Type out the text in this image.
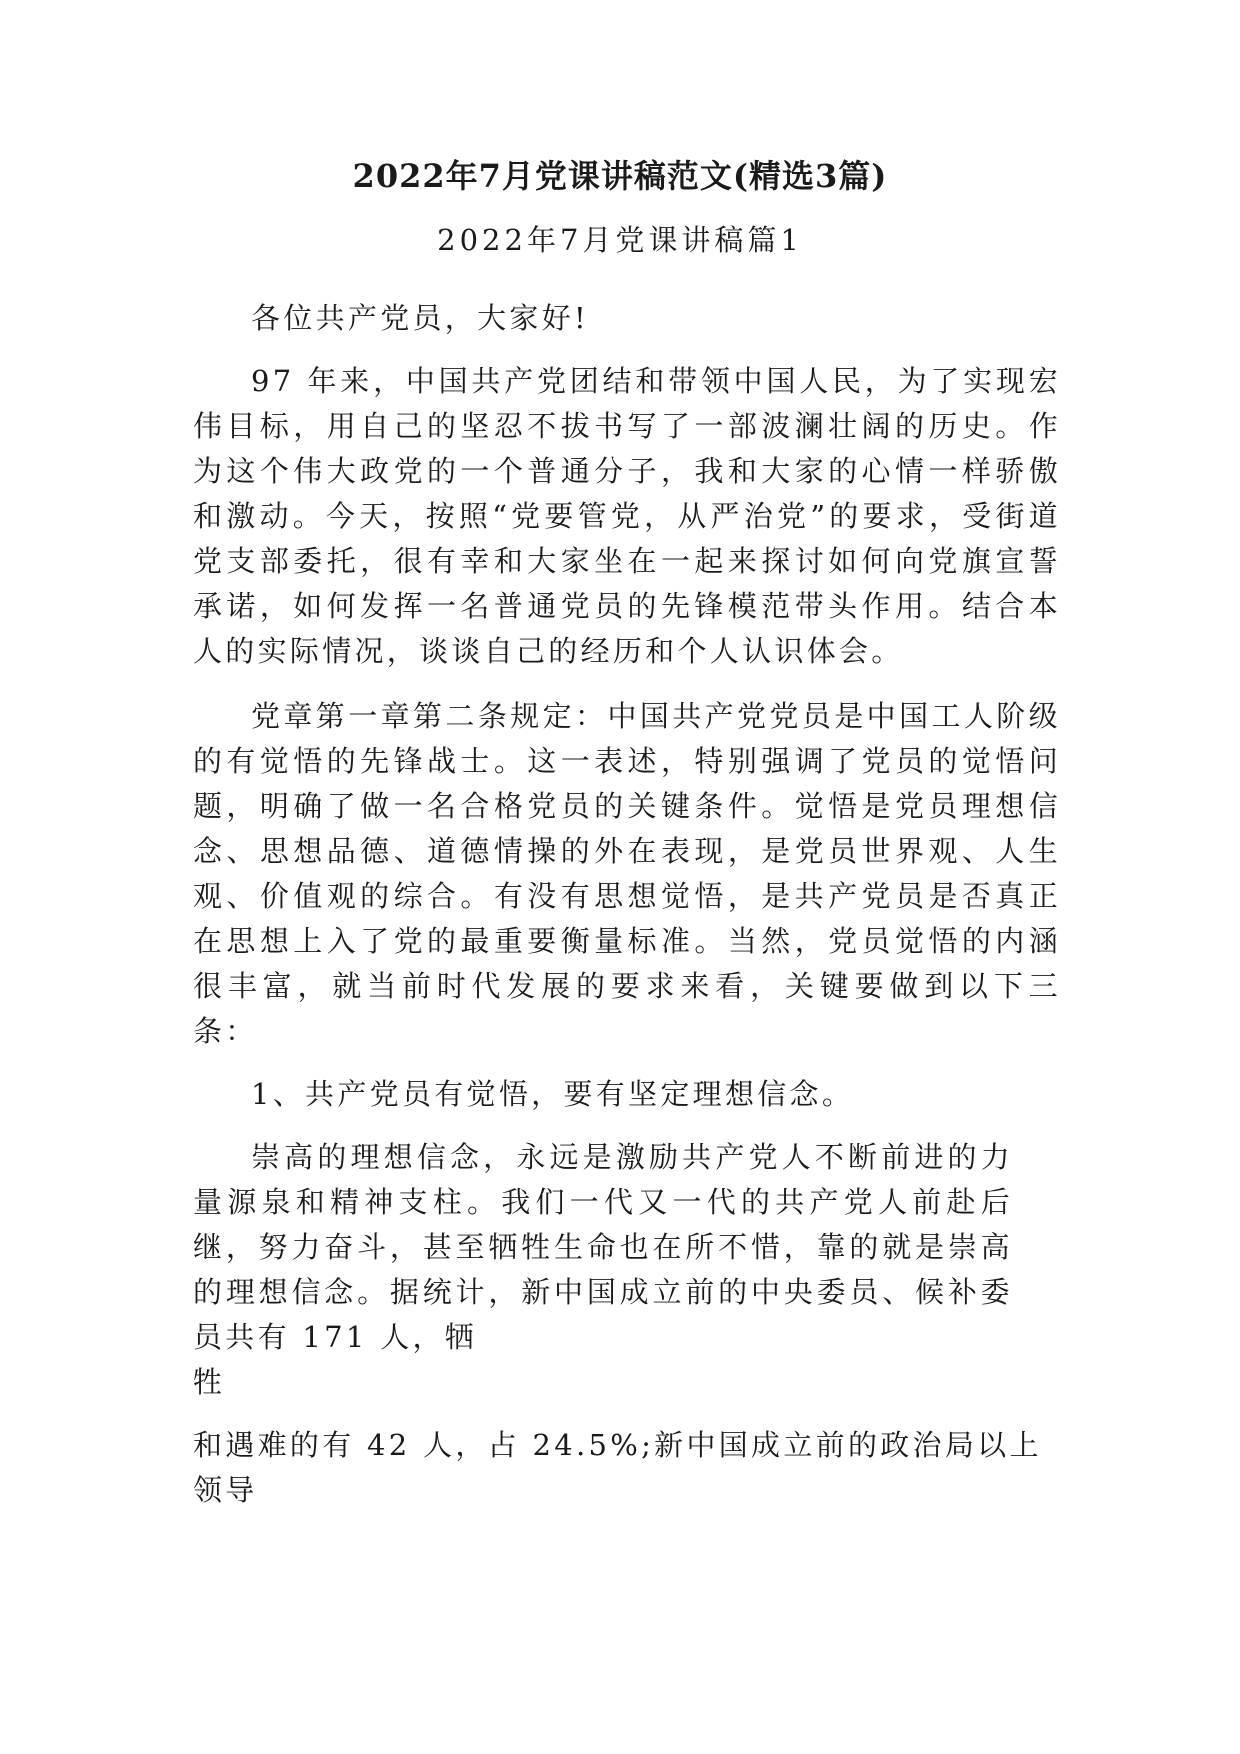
2022年7月党课讲稿范文(精选3篇)
2022年7月党课讲稿篇1

各位共产党员，大家好!

97 年来，中国共产党团结和带领中国人民，为了实现宏伟目标，用自己的坚忍不拔书写了一部波澜壮阔的历史。作为这个伟大政党的一个普通分子，我和大家的心情一样骄傲和激动。今天，按照“党要管党，从严治党”的要求，受街道党支部委托，很有幸和大家坐在一起来探讨如何向党旗宣誓承诺，如何发挥一名普通党员的先锋模范带头作用。结合本人的实际情况，谈谈自己的经历和个人认识体会。

党章第一章第二条规定：中国共产党党员是中国工人阶级的有觉悟的先锋战士。这一表述，特别强调了党员的觉悟问题，明确了做一名合格党员的关键条件。觉悟是党员理想信念、思想品德、道德情操的外在表现，是党员世界观、人生观、价值观的综合。有没有思想觉悟，是共产党员是否真正在思想上入了党的最重要衡量标准。当然，党员觉悟的内涵很丰富，就当前时代发展的要求来看，关键要做到以下三条：

1、共产党员有觉悟，要有坚定理想信念。

崇高的理想信念，永远是激励共产党人不断前进的力量源泉和精神支柱。我们一代又一代的共产党人前赴后继，努力奋斗，甚至牺牲生命也在所不惜，靠的就是崇高的理想信念。据统计，新中国成立前的中央委员、候补委员共有 171 人，牺

牲

和遇难的有 42 人，占 24.5%;新中国成立前的政治局以上领导
